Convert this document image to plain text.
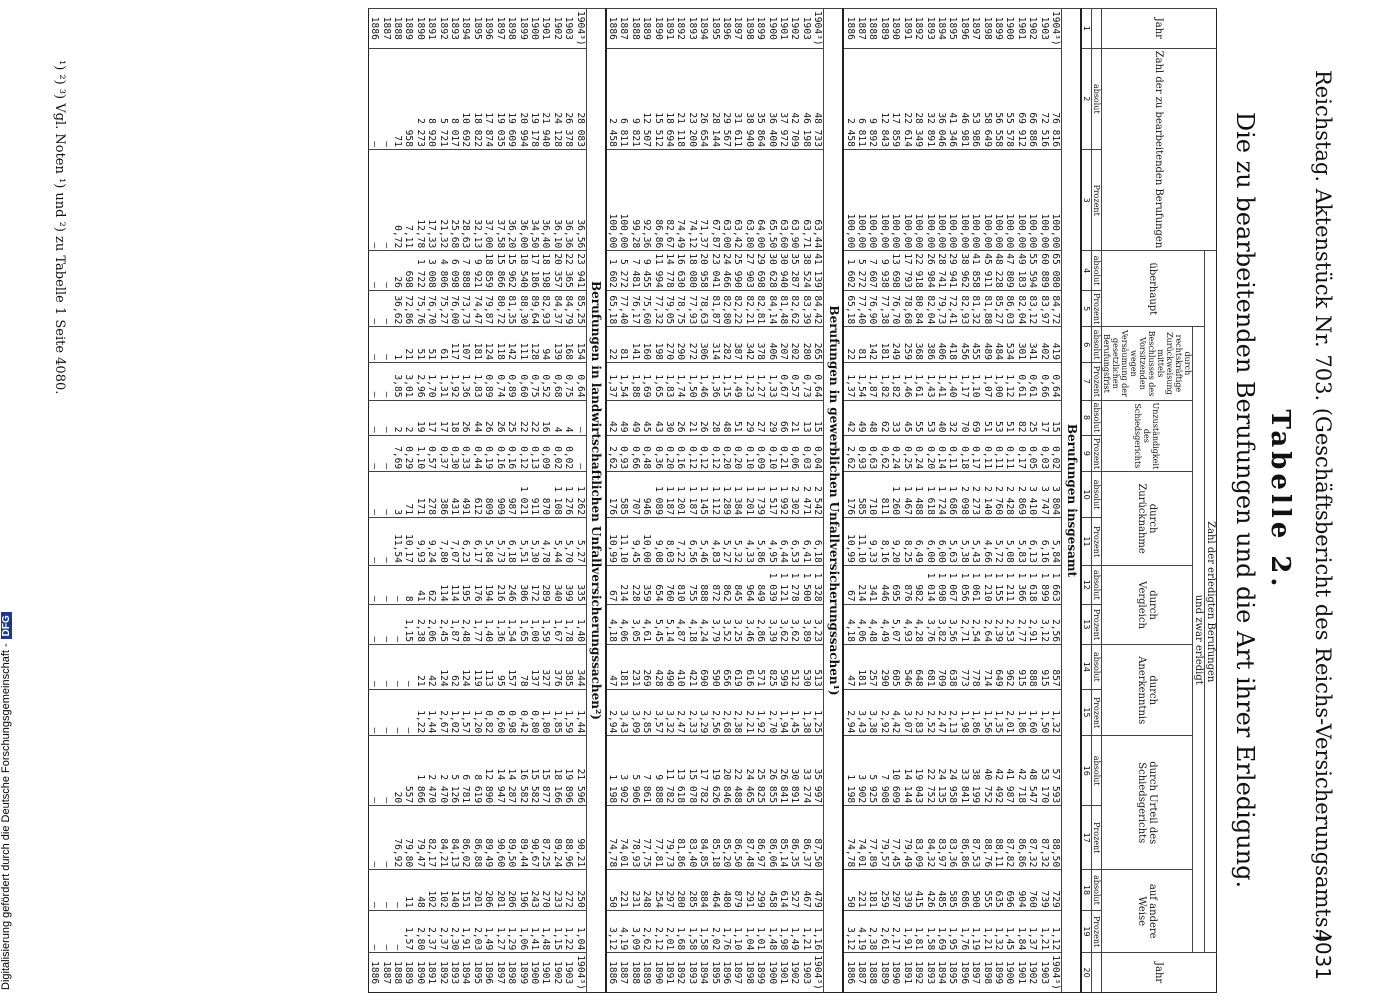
Reichstag. Aktenstück Nr. 703. (Geschäftsbericht des Reichs-Versicherungsamts.)
4031
Tabelle 2.
Die zu bearbeitenden Berufungen und die Art ihrer Erledigung.
Jahr	Zahl der zu bearbeitenden Berufungen		Zahl der erledigten Berufungen																Jahr
			überhaupt		und zwar erledigt														
					durch rechtskräftige Zurückweisung mittels Beschlusses des Vorsitzenden wegen Versäumung der gesetzlichen Berufungsfrist		Unzuständigkeit des Schiedsgerichts		durch Zurücknahme		durch Vergleich		durch Anerkenntnis		durch Urteil des Schiedsgerichts		auf andere Weise		
	absolut	Prozent	absolut	Prozent	absolut	Prozent	absolut	Prozent	absolut	Prozent	absolut	Prozent	absolut	Prozent	absolut	Prozent	absolut	Prozent	
1	2	3	4	5	6	7	8	9	10	11	12	13	14	15	16	17	18	19	20
Berufungen insgesamt																			
1904³)	76 816	100,00	65 080	84,72	419	0,64	15	0,02	3 804	5,84	1 663	2,56	857	1,32	57 593	88,50	729	1,12	1904³)
1903	72 516	100,00	60 889	83,97	402	0,66	17	0,03	3 747	6,16	1 899	3,12	915	1,50	53 170	87,32	739	1,21	1903
1902	66 886	100,00	55 594	83,12	341	0,61	25	0,05	3 410	6,13	1 618	2,91	888	1,60	48 547	87,32	760	1,37	1902
1901	69 912	100,00	49 183	82,04	301	0,61	82	0,17	2 869	5,83	1 366	2,77	915	1,86	42 718	86,86	904	1,84	1901
1900	55 578	100,00	47 809	86,03	534	1,12	51	0,11	2 428	5,08	1 211	2,53	962	2,01	41 987	87,82	696	1,45	1900
1899	56 558	100,00	48 228	85,27	484	1,00	53	0,11	2 760	5,72	1 155	2,39	649	1,35	42 492	88,11	635	1,32	1899
1898	58 649	100,00	45 911	81,88	489	1,07	51	0,11	2 140	4,66	1 210	2,64	714	1,56	40 752	88,76	555	1,21	1898
1897	53 986	100,00	41 858	81,32	455	1,10	69	0,17	2 273	5,43	1 061	2,54	778	1,86	38 199	87,53	500	1,19	1897
1896	46 981	100,00	38 962	82,93	456	1,17	70	0,18	2 098	5,38	1 056	2,71	773	1,98	33 841	86,86	686	1,76	1896
1895	41 346	100,00	29 941	72,41	418	1,40	32	0,11	1 686	5,63	1 067	3,56	638	2,13	24 958	83,36	585	1,95	1895
1894	36 046	100,00	28 741	79,73	406	1,41	40	0,14	1 724	6,00	1 098	3,82	709	2,47	24 135	83,97	485	1,69	1894
1893	32 891	100,00	26 984	82,04	386	1,43	53	0,20	1 618	6,00	1 014	3,76	681	2,52	22 752	84,32	426	1,58	1893
1892	28 349	100,00	22 918	80,84	368	1,61	55	0,24	1 488	6,49	982	4,28	648	2,83	19 043	83,09	415	1,81	1892
1891	22 614	100,00	17 793	78,68	259	1,46	45	0,25	1 467	8,25	876	4,93	546	3,07	14 144	79,49	339	1,91	1891
1890	17 859	100,00	13 698	76,70	249	1,82	33	0,24	1 260	9,20	695	5,07	605	4,42	10 609	77,45	297	2,17	1890
1889	12 843	100,00	9 938	77,38	181	1,82	62	0,62	811	8,16	446	4,49	290	2,92	7 908	79,57	259	2,61	1889
1888	9 892	100,00	7 607	76,90	142	1,87	48	0,63	710	9,33	341	4,48	257	3,38	5 925	77,89	181	2,38	1888
1887	6 811	100,00	5 272	77,40	81	1,54	49	0,93	585	11,10	214	4,06	181	3,43	3 902	74,01	221	4,19	1887
1886	2 458	100,00	1 602	65,18	22	1,37	42	2,62	176	10,99	67	4,18	47	2,94	1 198	74,78	50	3,12	1886
Berufungen in gewerblichen Unfallversicherungssachen¹)																			
1904³)	48 733	63,44	41 139	84,42	265	0,64	15	0,04	2 542	6,18	1 328	3,23	513	1,25	35 997	87,50	479	1,16	1904³)
1903	46 198	63,71	38 524	83,39	280	0,73	13	0,03	2 471	6,41	1 500	3,89	530	1,38	33 274	86,37	467	1,21	1903
1902	42 709	63,90	35 287	82,62	202	0,57	21	0,06	2 302	6,53	1 278	3,62	512	1,45	30 891	86,35	527	1,49	1902
1901	37 972	63,60	30 940	81,48	207	0,67	66	0,21	1 992	6,44	1 121	3,62	599	1,94	26 841	85,14	614	1,98	1901
1900	36 400	65,50	30 628	84,14	406	1,33	29	0,10	1 517	4,95	1 039	3,39	825	2,70	26 855	86,06	458	1,48	1900
1899	35 864	64,00	29 698	82,81	378	1,27	27	0,09	1 739	5,86	849	2,86	571	1,92	25 825	86,97	299	1,01	1899
1898	38 940	63,80	27 903	82,21	342	1,23	29	0,10	1 201	4,33	964	3,46	616	2,21	24 465	87,48	291	1,04	1898
1897	31 611	63,42	25 990	82,22	387	1,49	51	0,20	1 384	5,32	845	3,25	619	2,38	22 488	86,50	879	1,10	1897
1896	29 567	63,00	24 466	82,80	282	1,15	48	0,20	1 289	5,27	862	3,52	656	2,68	20 846	85,20	480	1,76	1896
1895	28 144	67,87	23 041	81,87	314	1,36	28	0,12	1 112	4,83	872	3,79	590	2,56	19 626	85,18	464	2,02	1895
1894	26 654	71,37	20 958	78,63	306	1,46	26	0,12	1 145	5,46	888	4,24	690	3,29	17 782	84,85	884	1,58	1894
1893	23 200	74,12	18 080	77,93	272	1,50	21	0,12	1 187	6,56	755	4,18	421	2,33	15 078	83,40	285	1,58	1893
1892	21 118	74,49	16 630	78,75	290	1,74	26	0,16	1 201	7,22	810	4,87	410	2,47	13 618	81,86	280	1,68	1892
1891	18 694	82,67	14 778	79,05	270	1,83	30	0,20	1 187	8,03	760	5,14	490	3,32	11 782	79,73	297	2,01	1891
1890	15 512	86,86	11 994	77,32	198	1,65	43	0,36	1 089	9,08	654	5,45	428	3,57	9 888	77,81	254	2,12	1890
1889	12 507	92,36	9 455	75,60	160	1,69	45	0,48	946	10,00	359	4,61	269	2,85	7 861	77,75	248	2,62	1889
1888	9 821	99,28	7 481	76,17	141	1,88	49	0,66	707	9,45	228	3,05	231	3,09	5 906	78,93	231	3,09	1888
1887	6 811	100,00	5 272	77,40	81	1,54	49	0,93	585	11,10	214	4,06	181	3,43	3 902	74,01	221	4,19	1887
1886	2 458	100,00	1 602	65,18	22	1,37	42	2,62	176	10,99	67	4,18	47	2,94	1 198	74,78	50	3,12	1886
Berufungen in landwirtschaftlichen Unfallversicherungssachen²)																			
1904³)	28 083	36,56	23 941	85,25	154	0,64	—	—	1 262	5,27	335	1,40	344	1,44	21 596	90,21	250	1,04	1904³)
1903	26 378	36,36	22 365	84,79	168	0,75	4	0,02	1 276	5,70	399	1,78	385	1,59	19 896	88,96	272	1,22	1903
1902	24 128	36,10	20 357	84,37	139	0,68	4	0,02	1 108	5,44	340	1,67	376	1,85	18 166	89,24	233	1,15	1902
1901	21 940	36,40	18 198	82,93	94	0,52	16	0,09	870	4,78	289	1,59	327	1,80	15 877	87,25	270	1,48	1901
1900	19 178	34,50	17 186	89,64	128	0,75	22	0,13	911	5,30	172	1,00	137	0,80	15 582	90,67	243	1,41	1900
1899	20 994	36,00	18 540	88,30	111	0,60	22	0,12	1 021	5,51	306	1,65	78	0,42	16 582	89,44	196	1,06	1899
1898	19 609	36,20	15 962	81,35	142	0,89	25	0,16	987	6,18	246	1,54	157	0,98	14 287	89,50	206	1,29	1898
1897	19 035	37,58	15 866	80,72	118	0,74	26	0,16	909	5,73	216	1,36	95	0,60	14 947	90,60	201	1,27	1897
1896	17 874	37,00	18 859	79,87	124	0,89	26	0,19	809	5,84	194	1,40	113	0,82	12 890	89,49	206	1,49	1896
1895	18 822	32,13	9 921	74,47	181	1,83	44	0,44	612	6,17	176	1,77	119	1,20	8 619	86,88	201	2,03	1895
1894	10 692	28,63	7 888	73,73	107	1,36	26	0,33	491	6,23	195	2,48	124	1,57	6 781	86,02	151	1,91	1894
1893	8 017	25,68	6 098	76,00	117	1,92	18	0,30	431	7,07	114	1,87	62	1,02	5 126	84,13	140	2,30	1893
1892	5 721	21,32	4 806	75,27	61	1,31	17	0,37	386	7,80	114	2,45	124	2,67	2 470	84,21	102	2,37	1892
1891	8 920	17,33	3 008	76,70	51	1,70	17	0,57	278	9,24	62	2,06	42	1,44	2 470	82,17	102	2,37	1891
1890	2 273	12,78	1 722	75,76	51	2,96	19	1,10	171	9,93	41	2,38	21	1,22	1 866	79,47	48	2,80	1890
1889	958	7,11	698	72,86	21	3,01	2	0,29	71	10,17	8	1,15	—	—	557	79,80	11	1,57	1889
1888	71	0,72	26	36,62	1	3,85	2	7,69	3	11,54	—	—	—	—	20	76,92	—	—	1888
1887	—	—	—	—	—	—	—	—	—	—	—	—	—	—	—	—	—	—	1887
1886	—	—	—	—	—	—	—	—	—	—	—	—	—	—	—	—	—	—	1886
¹) ²) ³) Vgl. Noten ¹) und ²) zu Tabelle 1 Seite 4080.
Digitalisierung gefördert durch die Deutsche Forschungsgemeinschaft -DFG
